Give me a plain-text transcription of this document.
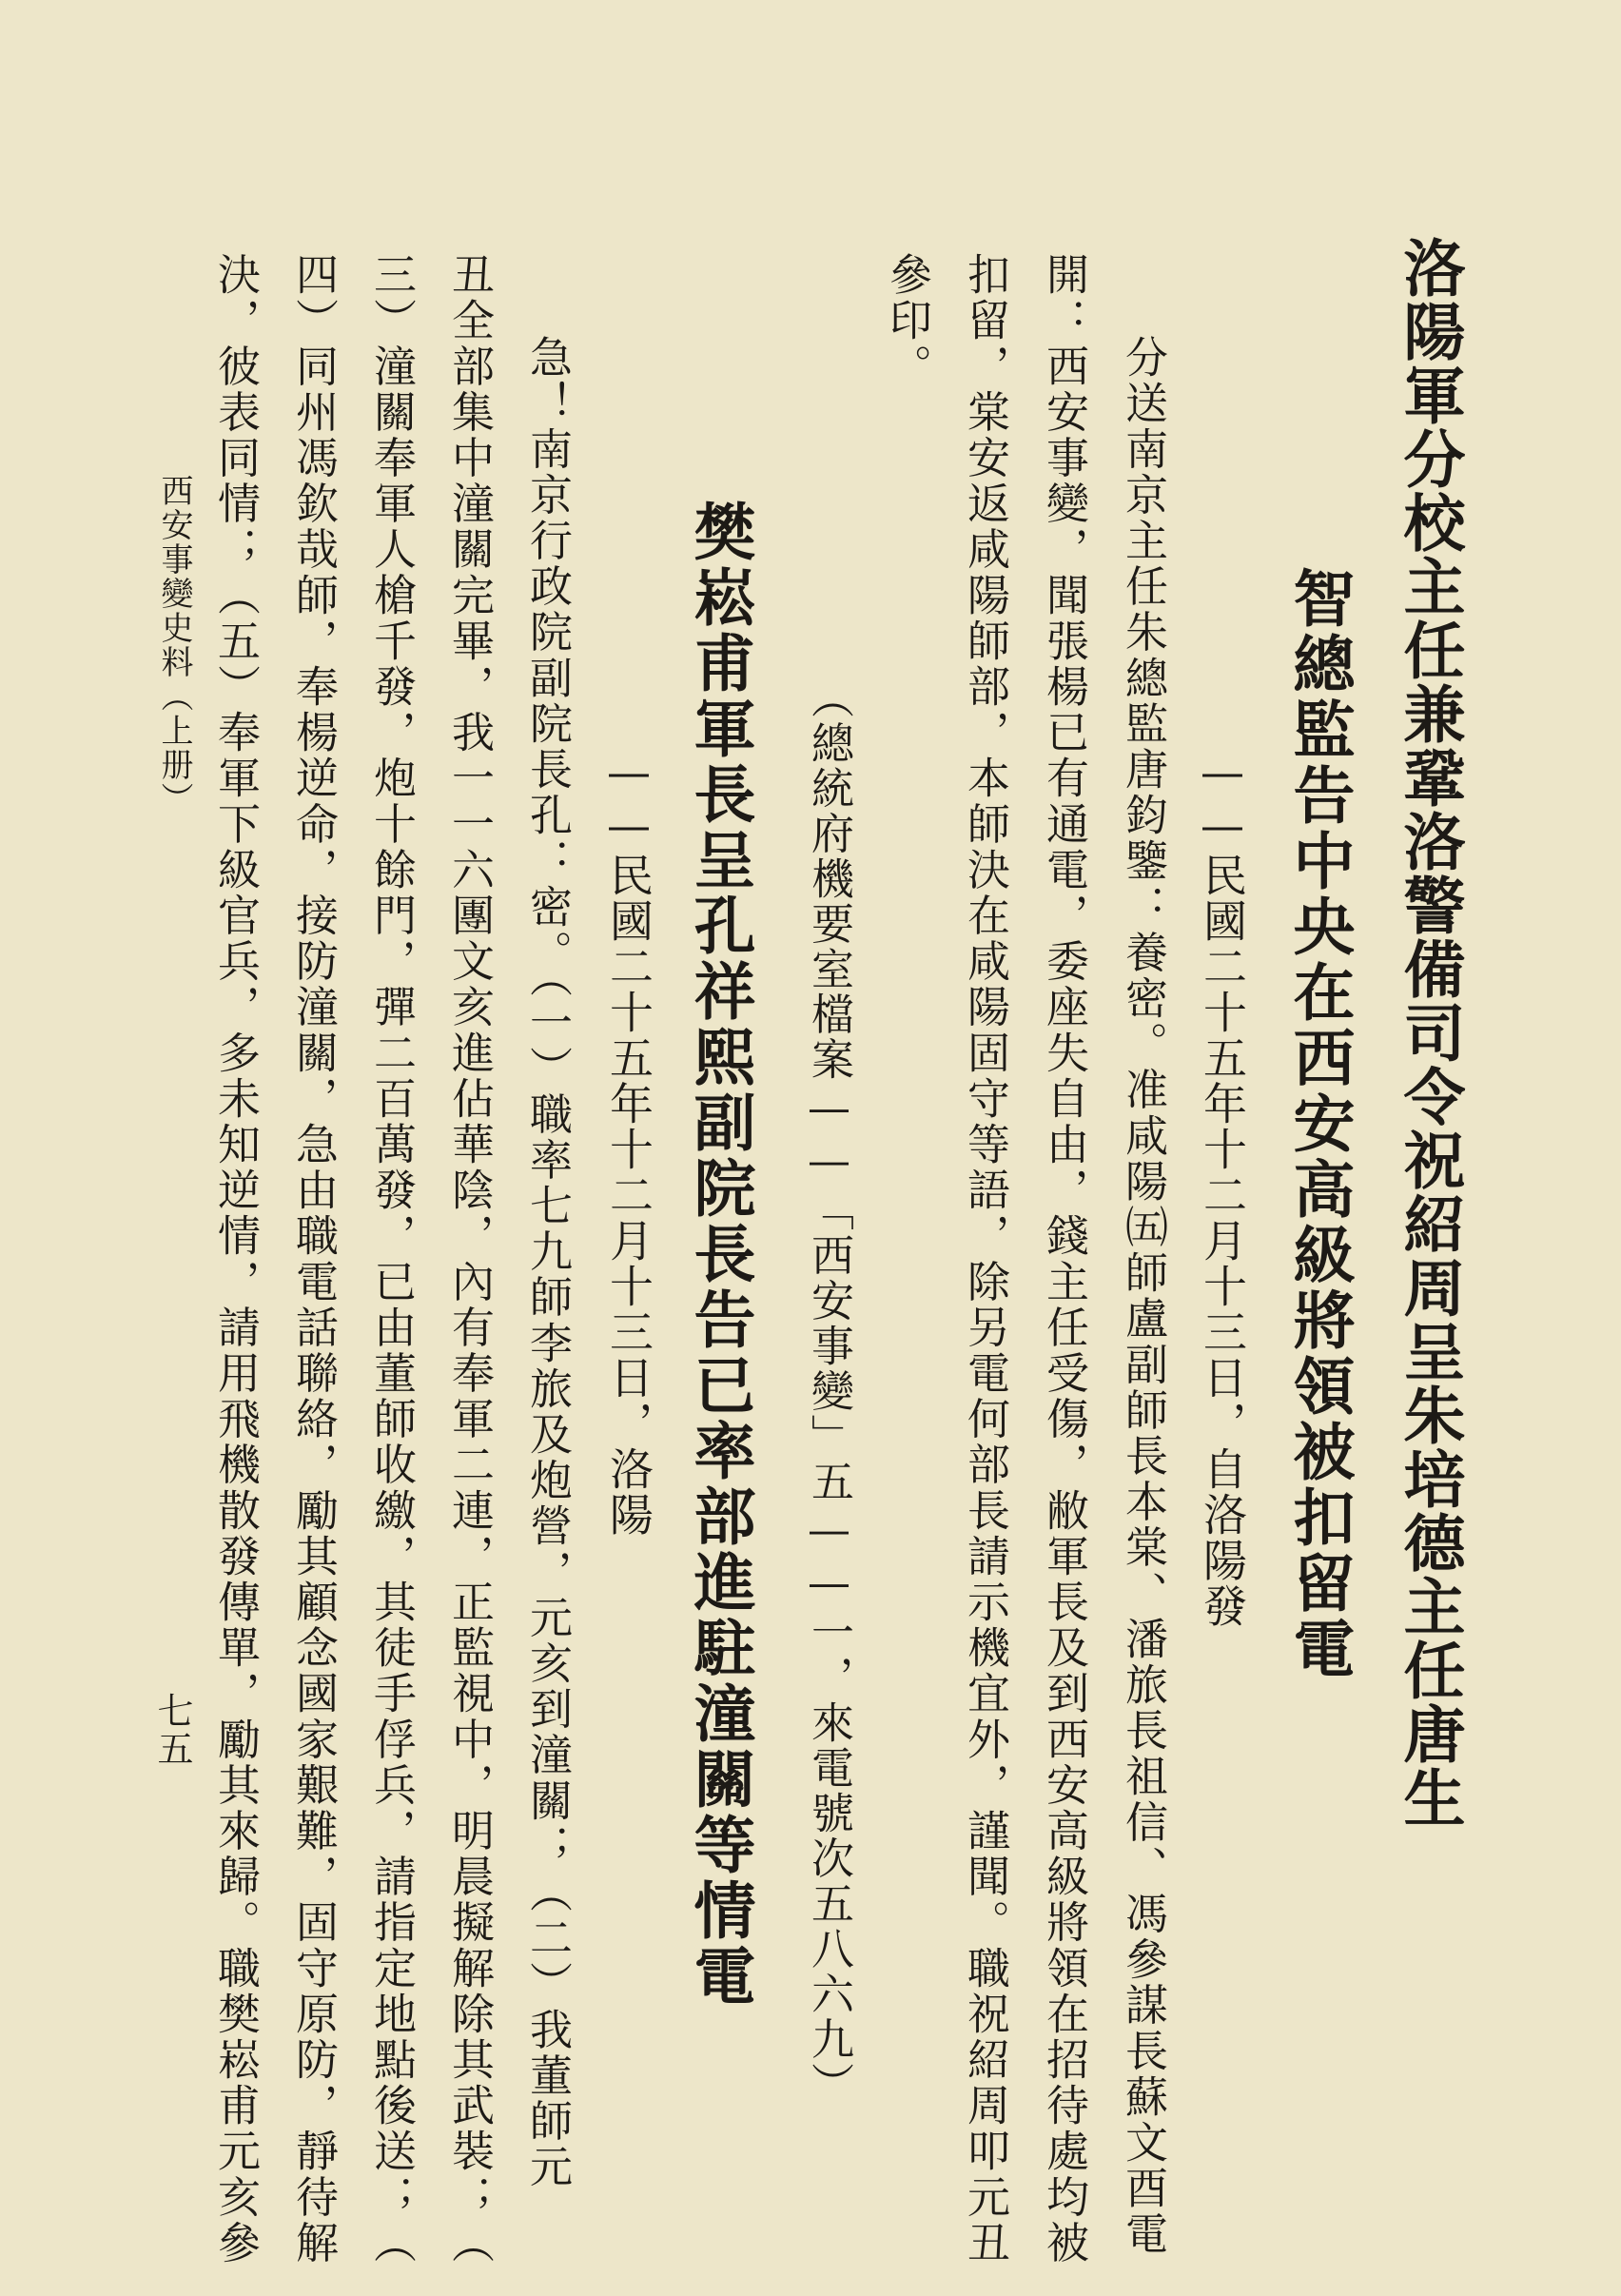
洛陽軍分校主任兼鞏洛警備司令祝紹周呈朱培德主任唐生
智總監告中央在西安高級將領被扣留電
——民國二十五年十二月十三日，自洛陽發
分送南京主任朱總監唐鈞鑒：養密。准咸陽㈤師盧副師長本棠、潘旅長祖信、馮參謀長蘇文酉電
開：西安事變，聞張楊已有通電，委座失自由，錢主任受傷，敝軍長及到西安高級將領在招待處均被
扣留，棠安返咸陽師部，本師決在咸陽固守等語，除另電何部長請示機宜外，謹聞。職祝紹周叩元丑
參印。
（總統府機要室檔案——「西安事變」五——一，來電號次五八六九）
樊崧甫軍長呈孔祥熙副院長告已率部進駐潼關等情電
——民國二十五年十二月十三日，洛陽
急！南京行政院副院長孔：密。（一）職率七九師李旅及炮營，元亥到潼關；（二）我董師元
丑全部集中潼關完畢，我一一六團文亥進佔華陰，內有奉軍二連，正監視中，明晨擬解除其武裝；（
三）潼關奉軍人槍千發，炮十餘門，彈二百萬發，已由董師收繳，其徒手俘兵，請指定地點後送；（
四）同州馮欽哉師，奉楊逆命，接防潼關，急由職電話聯絡，勵其顧念國家艱難，固守原防，靜待解
決，彼表同情；（五）奉軍下級官兵，多未知逆情，請用飛機散發傳單，勵其來歸。職樊崧甫元亥參
西安事變史料（上册）
七五
